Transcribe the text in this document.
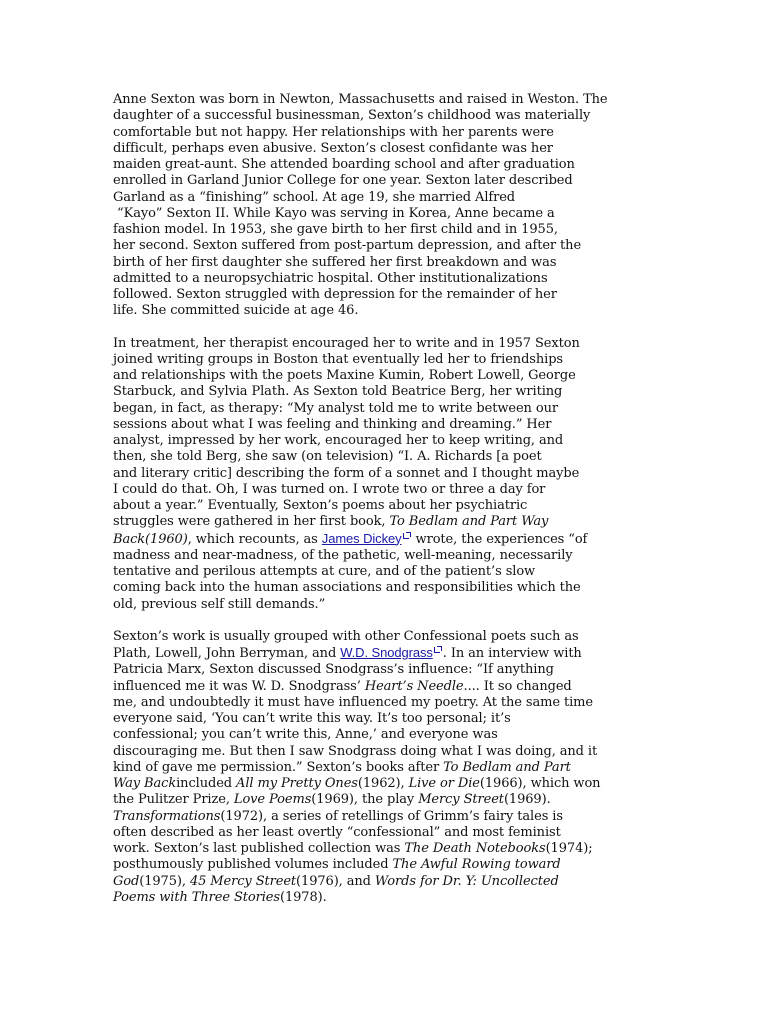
Anne Sexton was born in Newton, Massachusetts and raised in Weston. The
daughter of a successful businessman, Sexton’s childhood was materially
comfortable but not happy. Her relationships with her parents were
difficult, perhaps even abusive. Sexton’s closest confidante was her
maiden great-aunt. She attended boarding school and after graduation
enrolled in Garland Junior College for one year. Sexton later described
Garland as a “finishing” school. At age 19, she married Alfred
“Kayo” Sexton II. While Kayo was serving in Korea, Anne became a
fashion model. In 1953, she gave birth to her first child and in 1955,
her second. Sexton suffered from post-partum depression, and after the
birth of her first daughter she suffered her first breakdown and was
admitted to a neuropsychiatric hospital. Other institutionalizations
followed. Sexton struggled with depression for the remainder of her
life. She committed suicide at age 46.

In treatment, her therapist encouraged her to write and in 1957 Sexton
joined writing groups in Boston that eventually led her to friendships
and relationships with the poets Maxine Kumin, Robert Lowell, George
Starbuck, and Sylvia Plath. As Sexton told Beatrice Berg, her writing
began, in fact, as therapy: “My analyst told me to write between our
sessions about what I was feeling and thinking and dreaming.” Her
analyst, impressed by her work, encouraged her to keep writing, and
then, she told Berg, she saw (on television) “I. A. Richards [a poet
and literary critic] describing the form of a sonnet and I thought maybe
I could do that. Oh, I was turned on. I wrote two or three a day for
about a year.” Eventually, Sexton’s poems about her psychiatric
struggles were gathered in her first book, To Bedlam and Part Way
Back(1960), which recounts, as James Dickey wrote, the experiences “of
madness and near-madness, of the pathetic, well-meaning, necessarily
tentative and perilous attempts at cure, and of the patient’s slow
coming back into the human associations and responsibilities which the
old, previous self still demands.”

Sexton’s work is usually grouped with other Confessional poets such as
Plath, Lowell, John Berryman, and W.D. Snodgrass . In an interview with
Patricia Marx, Sexton discussed Snodgrass’s influence: “If anything
influenced me it was W. D. Snodgrass’ Heart’s Needle.... It so changed
me, and undoubtedly it must have influenced my poetry. At the same time
everyone said, ‘You can’t write this way. It’s too personal; it’s
confessional; you can’t write this, Anne,’ and everyone was
discouraging me. But then I saw Snodgrass doing what I was doing, and it
kind of gave me permission.” Sexton’s books after To Bedlam and Part
Way Backincluded All my Pretty Ones(1962), Live or Die(1966), which won
the Pulitzer Prize, Love Poems(1969), the play Mercy Street(1969).
Transformations(1972), a series of retellings of Grimm’s fairy tales is
often described as her least overtly “confessional” and most feminist
work. Sexton’s last published collection was The Death Notebooks(1974);
posthumously published volumes included The Awful Rowing toward
God(1975), 45 Mercy Street(1976), and Words for Dr. Y: Uncollected
Poems with Three Stories(1978).
